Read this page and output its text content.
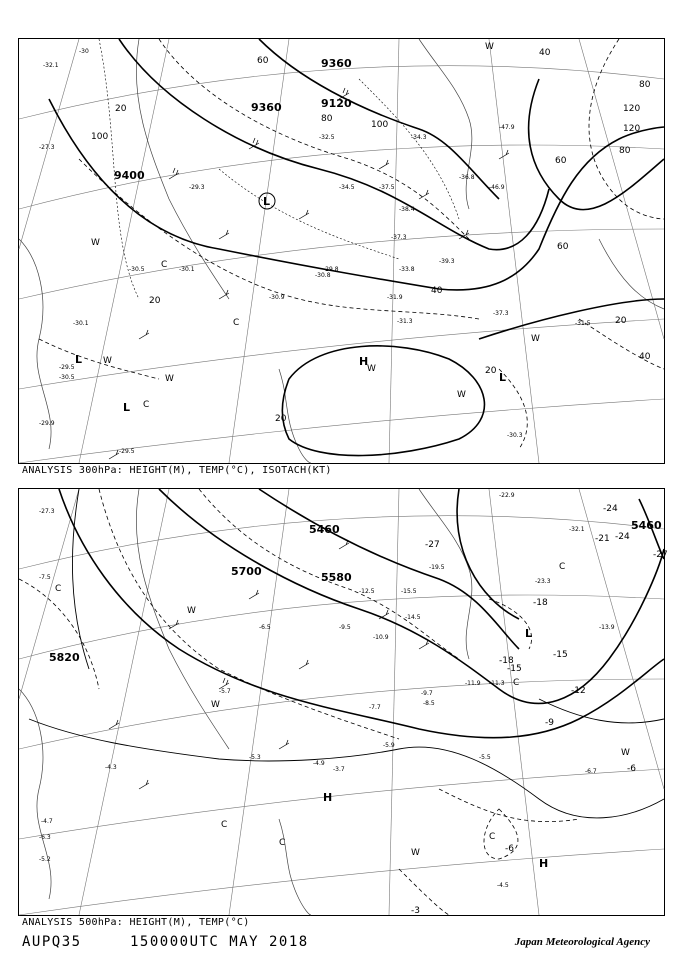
9360	9120
9400
9360
60
80
100	120
80
60
40
20
20
20
20
40
20
40
60
80
100
120
-32.1
-30
-27.3
-29.3
-30.1
-30.5
-29.5
-32.5
-34.5
-37.3
-39.3
-33.8
-31.9
-31.3
-30.9
-30.8
-29.8
-30.1
-30.5
-29.9
-29.5
-30.3
-47.9
-46.9
-36.8
-37.5
-38.4
-34.3
-31.5
-37.3
L
L	H
L
L
W
C
W
W
C
W
W
W
C
W
ANALYSIS 300hPa: HEIGHT(M), TEMP(°C), ISOTACH(KT)
5460
5700	5580
5820
5460
-24
-27
-21
-18
-15
-12
-9
-6
-3
-15
-18
-27
-24
-6
-27.3
-19.5
-22.9
-23.3
-32.1
-15.5
-14.5
-10.9
-11.9
-9.7
-7.7
-6.7
-5.9
-5.5
-4.9
-4.5
-3.7
-5.3
-6.5
-7.5
-11.3
-12.5
-13.9
-8.5
-9.5
-5.7
-4.3
-4.7
-6.3
-5.2
L
H
H
C
C
W
C
W
C
C
W
C
W
ANALYSIS 500hPa: HEIGHT(M), TEMP(°C)
AUPQ35	150000UTC MAY 2018	Japan Meteorological Agency
